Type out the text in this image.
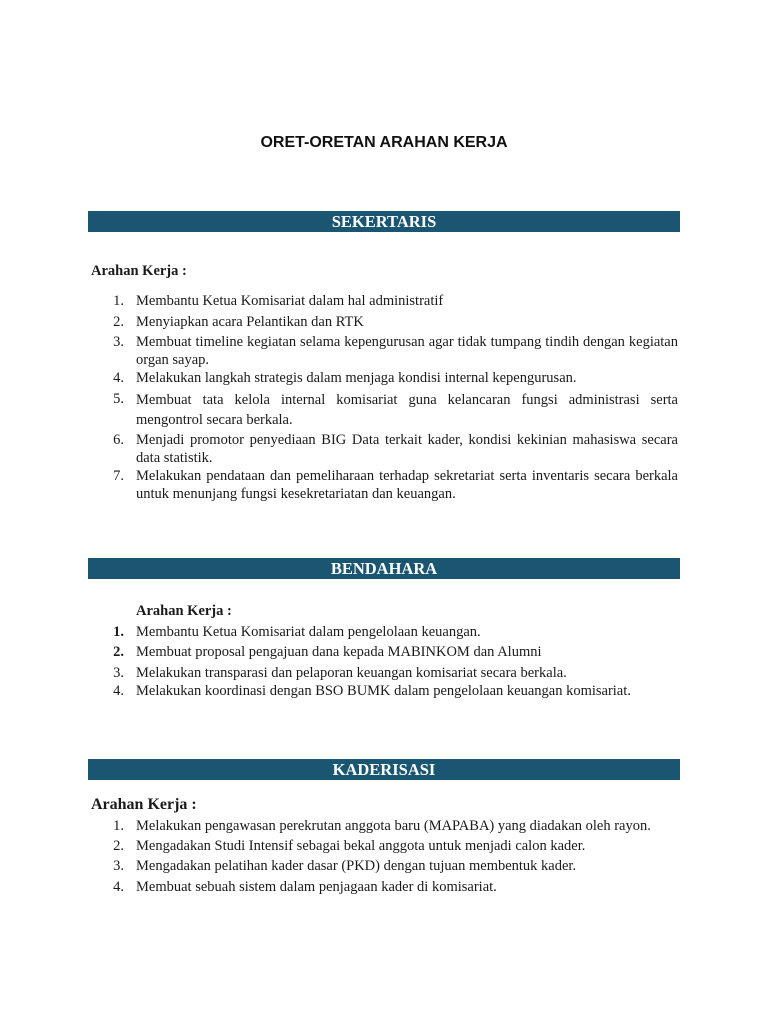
ORET-ORETAN ARAHAN KERJA
SEKERTARIS
Arahan Kerja :
1. Membantu Ketua Komisariat dalam hal administratif
2. Menyiapkan acara Pelantikan dan RTK
3. Membuat timeline kegiatan selama kepengurusan agar tidak tumpang tindih dengan kegiatan organ sayap.
4. Melakukan langkah strategis dalam menjaga kondisi internal kepengurusan.
5. Membuat tata kelola internal komisariat guna kelancaran fungsi administrasi serta mengontrol secara berkala.
6. Menjadi promotor penyediaan BIG Data terkait kader, kondisi kekinian mahasiswa secara data statistik.
7. Melakukan pendataan dan pemeliharaan terhadap sekretariat serta inventaris secara berkala untuk menunjang fungsi kesekretariatan dan keuangan.
BENDAHARA
Arahan Kerja :
1. Membantu Ketua Komisariat dalam pengelolaan keuangan.
2. Membuat proposal pengajuan dana kepada MABINKOM dan Alumni
3. Melakukan transparasi dan pelaporan keuangan komisariat secara berkala.
4. Melakukan koordinasi dengan BSO BUMK dalam pengelolaan keuangan komisariat.
KADERISASI
Arahan Kerja :
1. Melakukan pengawasan perekrutan anggota baru (MAPABA) yang diadakan oleh rayon.
2. Mengadakan Studi Intensif sebagai bekal anggota untuk menjadi calon kader.
3. Mengadakan pelatihan kader dasar (PKD) dengan tujuan membentuk kader.
4. Membuat sebuah sistem dalam penjagaan kader di komisariat.
